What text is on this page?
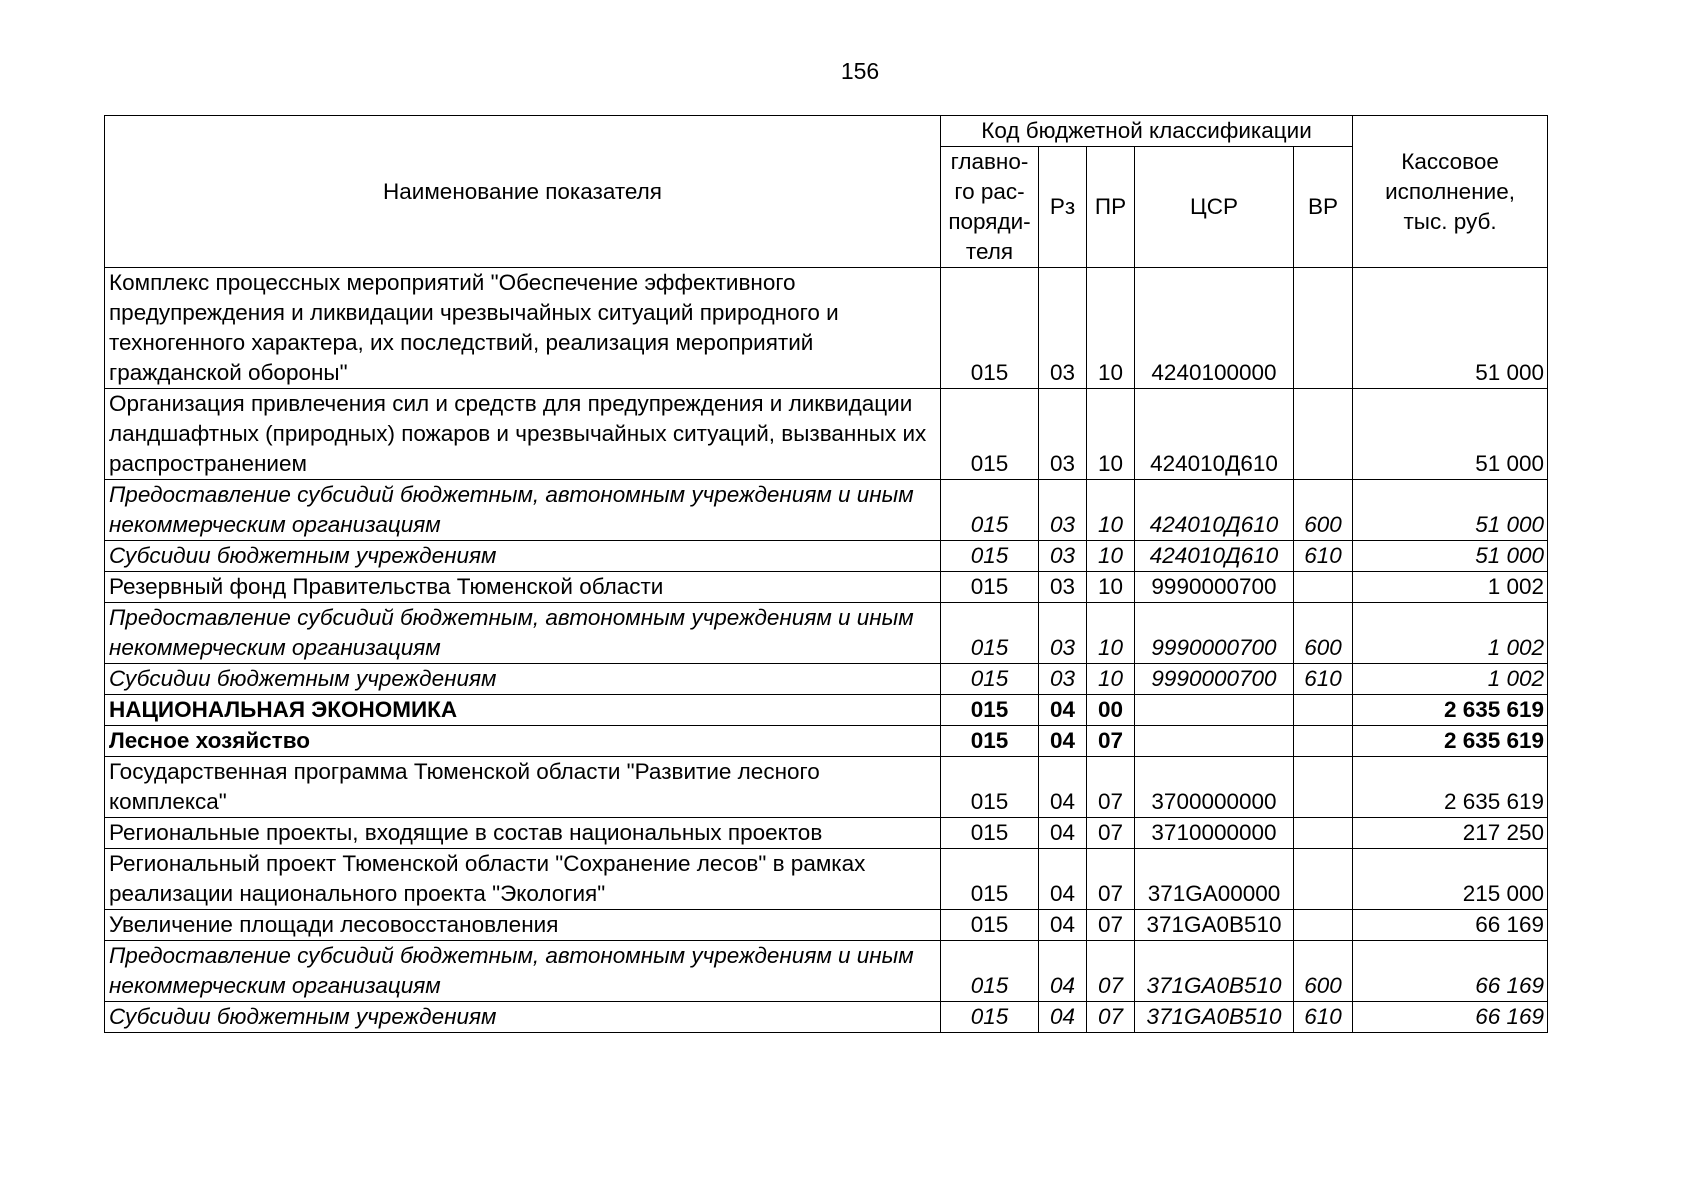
156
Наименование показателя	Код бюджетной классификации					Кассовое исполнение, тыс. руб.
	главно-го рас-поряди-теля	Рз	ПР	ЦСР	ВР	
Комплекс процессных мероприятий "Обеспечение эффективного предупреждения и ликвидации чрезвычайных ситуаций природного и техногенного характера, их последствий, реализация мероприятий гражданской обороны"	015	03	10	4240100000		51 000
Организация привлечения сил и средств для предупреждения и ликвидации ландшафтных (природных) пожаров и чрезвычайных ситуаций, вызванных их распространением	015	03	10	424010Д610		51 000
Предоставление субсидий бюджетным, автономным учреждениям и иным некоммерческим организациям	015	03	10	424010Д610	600	51 000
Субсидии бюджетным учреждениям	015	03	10	424010Д610	610	51 000
Резервный фонд Правительства Тюменской области	015	03	10	9990000700		1 002
Предоставление субсидий бюджетным, автономным учреждениям и иным некоммерческим организациям	015	03	10	9990000700	600	1 002
Субсидии бюджетным учреждениям	015	03	10	9990000700	610	1 002
НАЦИОНАЛЬНАЯ ЭКОНОМИКА	015	04	00			2 635 619
Лесное хозяйство	015	04	07			2 635 619
Государственная программа Тюменской области "Развитие лесного комплекса"	015	04	07	3700000000		2 635 619
Региональные проекты, входящие в состав национальных проектов	015	04	07	3710000000		217 250
Региональный проект Тюменской области "Сохранение лесов" в рамках реализации национального проекта "Экология"	015	04	07	371GA00000		215 000
Увеличение площади лесовосстановления	015	04	07	371GA0B510		66 169
Предоставление субсидий бюджетным, автономным учреждениям и иным некоммерческим организациям	015	04	07	371GA0B510	600	66 169
Субсидии бюджетным учреждениям	015	04	07	371GA0B510	610	66 169
